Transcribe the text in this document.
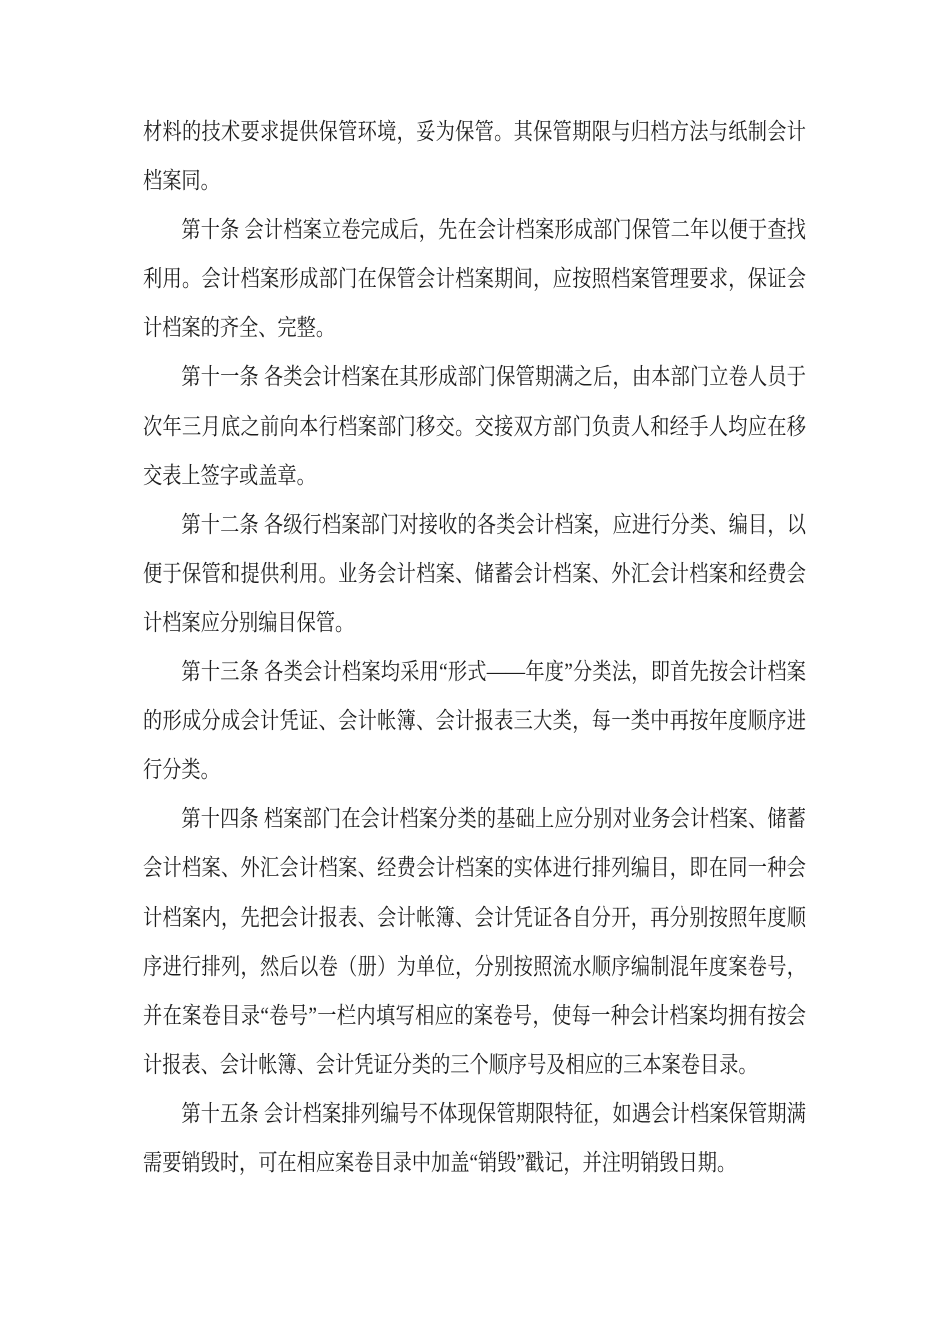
材料的技术要求提供保管环境，妥为保管。其保管期限与归档方法与纸制会计档案同。

第十条 会计档案立卷完成后，先在会计档案形成部门保管二年以便于查找利用。会计档案形成部门在保管会计档案期间，应按照档案管理要求，保证会计档案的齐全、完整。

第十一条 各类会计档案在其形成部门保管期满之后，由本部门立卷人员于次年三月底之前向本行档案部门移交。交接双方部门负责人和经手人均应在移交表上签字或盖章。

第十二条 各级行档案部门对接收的各类会计档案，应进行分类、编目，以便于保管和提供利用。业务会计档案、储蓄会计档案、外汇会计档案和经费会计档案应分别编目保管。

第十三条 各类会计档案均采用“形式——年度”分类法，即首先按会计档案的形成分成会计凭证、会计帐簿、会计报表三大类，每一类中再按年度顺序进行分类。

第十四条 档案部门在会计档案分类的基础上应分别对业务会计档案、储蓄会计档案、外汇会计档案、经费会计档案的实体进行排列编目，即在同一种会计档案内，先把会计报表、会计帐簿、会计凭证各自分开，再分别按照年度顺序进行排列，然后以卷（册）为单位，分别按照流水顺序编制混年度案卷号，并在案卷目录“卷号”一栏内填写相应的案卷号，使每一种会计档案均拥有按会计报表、会计帐簿、会计凭证分类的三个顺序号及相应的三本案卷目录。

第十五条 会计档案排列编号不体现保管期限特征，如遇会计档案保管期满需要销毁时，可在相应案卷目录中加盖“销毁”戳记，并注明销毁日期。
